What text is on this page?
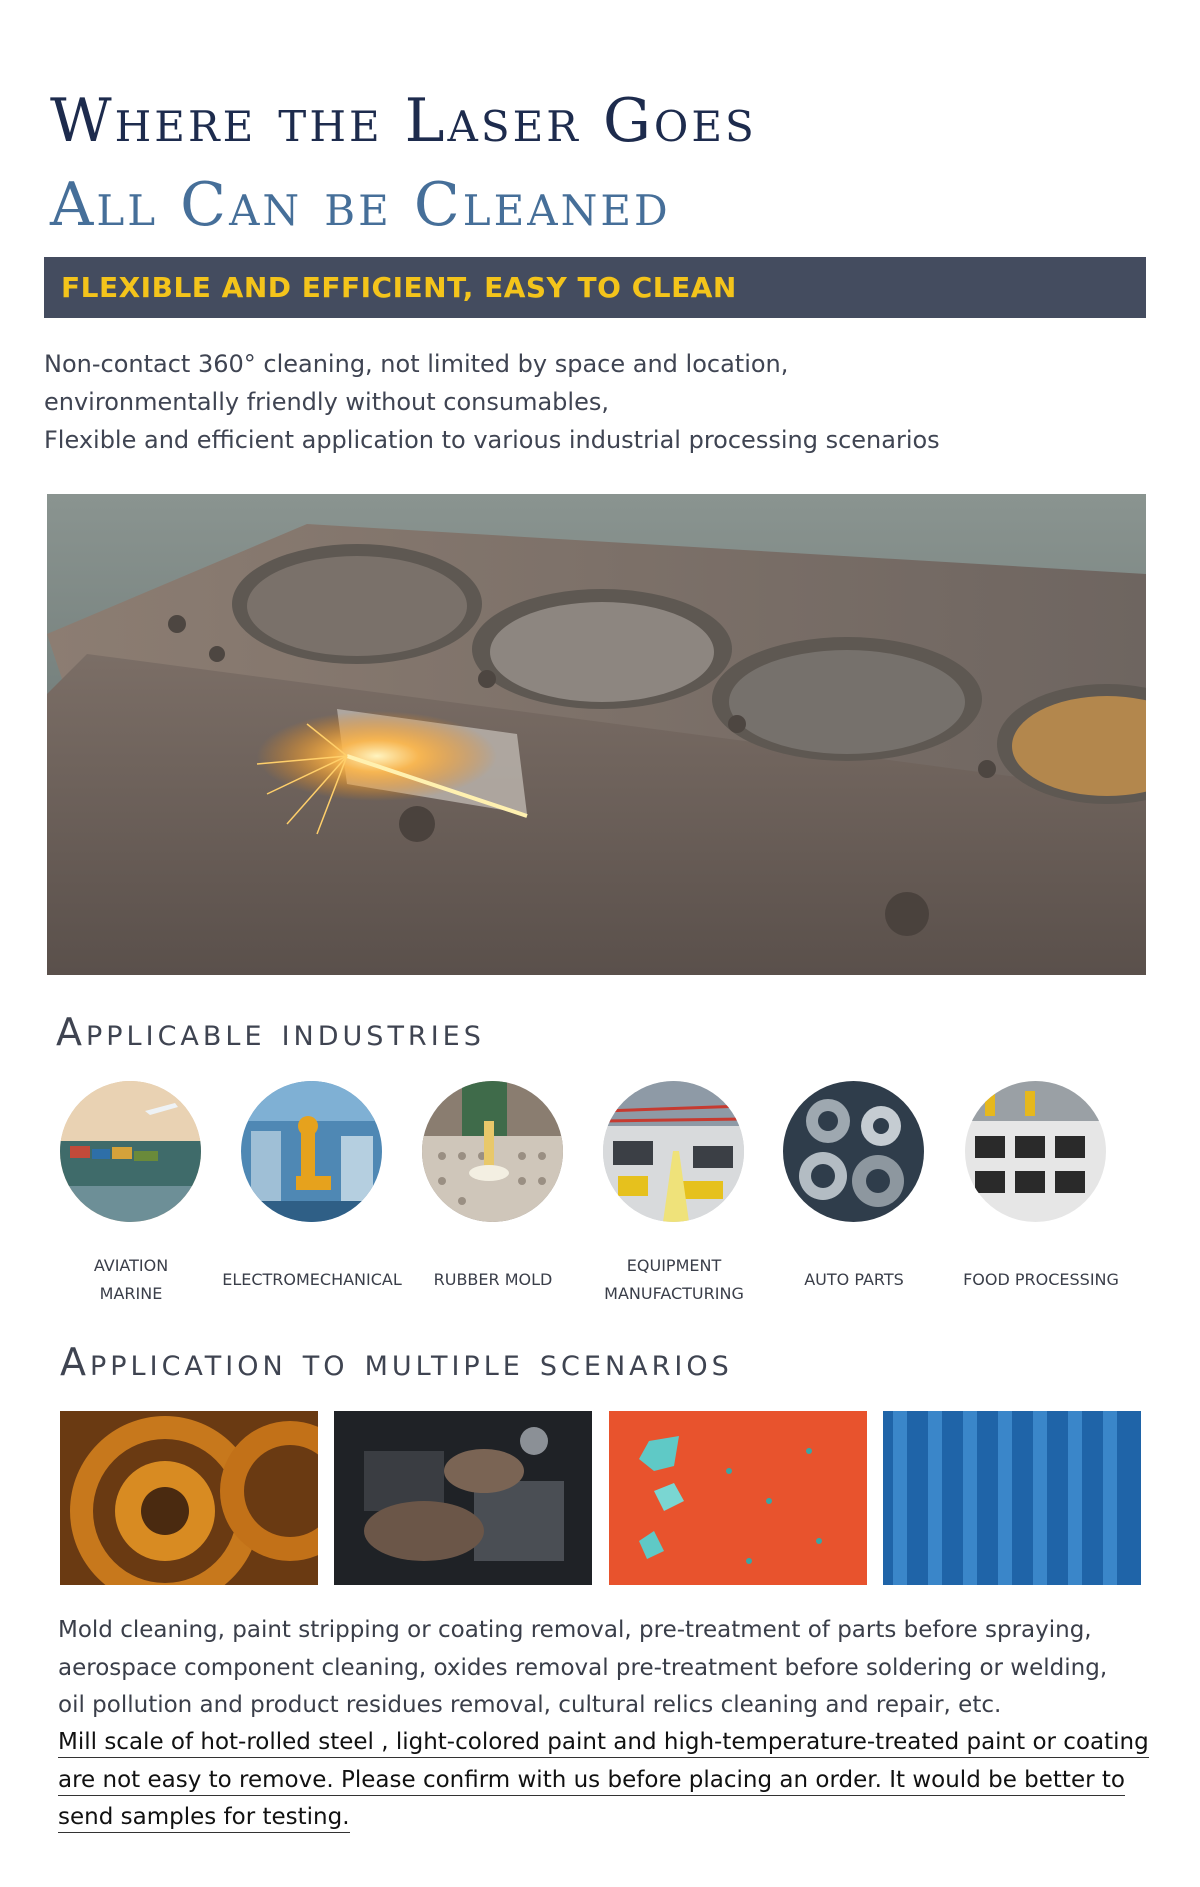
Where the Laser Goes
All Can be Cleaned
FLEXIBLE AND EFFICIENT, EASY TO CLEAN

Non-contact 360° cleaning, not limited by space and location,

environmentally friendly without consumables,

Flexible and efficient application to various industrial processing scenarios

Applicable industries
AVIATION
MARINE
ELECTROMECHANICAL	RUBBER MOLD
EQUIPMENT
MANUFACTURING
AUTO PARTS	FOOD PROCESSING
Application to multiple scenarios

Mold cleaning, paint stripping or coating removal, pre-treatment of parts before spraying,

aerospace component cleaning, oxides removal pre-treatment before soldering or welding,

oil pollution and product residues removal, cultural relics cleaning and repair, etc.

Mill scale of hot-rolled steel , light-colored paint and high-temperature-treated paint or coating

are not easy to remove. Please confirm with us before placing an order. It would be better to

send samples for testing.
